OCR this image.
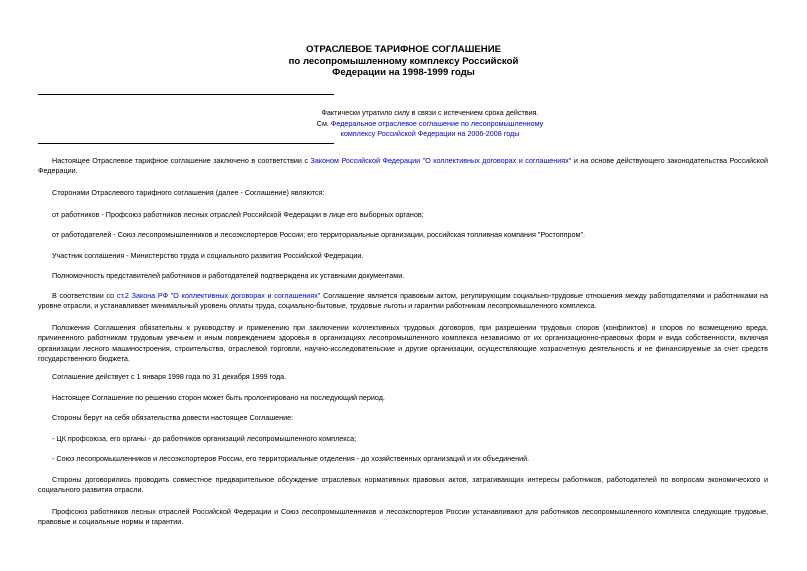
ОТРАСЛЕВОЕ ТАРИФНОЕ СОГЛАШЕНИЕ
по лесопромышленному комплексу Российской
Федерации на 1998-1999 годы
Фактически утратило силу в связи с истечением срока действия.
См. Федеральное отраслевое соглашение по лесопромышленному
комплексу Российской Федерации на 2006-2008 годы

Настоящее Отраслевое тарифное соглашение заключено в соответствии с Законом Российской Федерации "О коллективных договорах и соглашениях" и на основе действующего законодательства Российской Федерации.

Сторонами Отраслевого тарифного соглашения (далее - Соглашение) являются:

от работников - Профсоюз работников лесных отраслей Российской Федерации в лице его выборных органов;

от работодателей - Союз лесопромышленников и лесоэкспортеров России; его территориальные организации, российская топливная компания "Ростоппром".

Участник соглашения - Министерство труда и социального развития Российской Федерации.

Полномочность представителей работников и работодателей подтверждена их уставными документами.

В соответствии со ст.2 Закона РФ "О коллективных договорах и соглашениях" Соглашение является правовым актом, регулирующим социально-трудовые отношения между работодателями и работниками на уровне отрасли, и устанавливает минимальный уровень оплаты труда, социально-бытовые, трудовые льготы и гарантии работникам лесопромышленного комплекса.

Положения Соглашения обязательны к руководству и применению при заключении коллективных трудовых договоров, при разрешении трудовых споров (конфликтов) и споров по возмещению вреда, причиненного работникам трудовым увечьем и иным повреждением здоровья в организациях лесопромышленного комплекса независимо от их организационно-правовых форм и вида собственности, включая организации лесного машиностроения, строительства, отраслевой торговли, научно-исследовательские и другие организации, осуществляющие хозрасчетную деятельность и не финансируемые за счет средств государственного бюджета.

Соглашение действует с 1 января 1998 года по 31 декабря 1999 года.

Настоящее Соглашение по решению сторон может быть пролонгировано на последующий период.

Стороны берут на себя обязательства довести настоящее Соглашение:

- ЦК профсоюза, его органы - до работников организаций лесопромышленного комплекса;

- Союз лесопромышленников и лесоэкспортеров России, его территориальные отделения - до хозяйственных организаций и их объединений.

Стороны договорились проводить совместное предварительное обсуждение отраслевых нормативных правовых актов, затрагивающих интересы работников, работодателей по вопросам экономического и социального развития отрасли.

Профсоюз работников лесных отраслей Российской Федерации и Союз лесопромышленников и лесоэкспортеров России устанавливают для работников лесопромышленного комплекса следующие трудовые, правовые и социальные нормы и гарантии.
